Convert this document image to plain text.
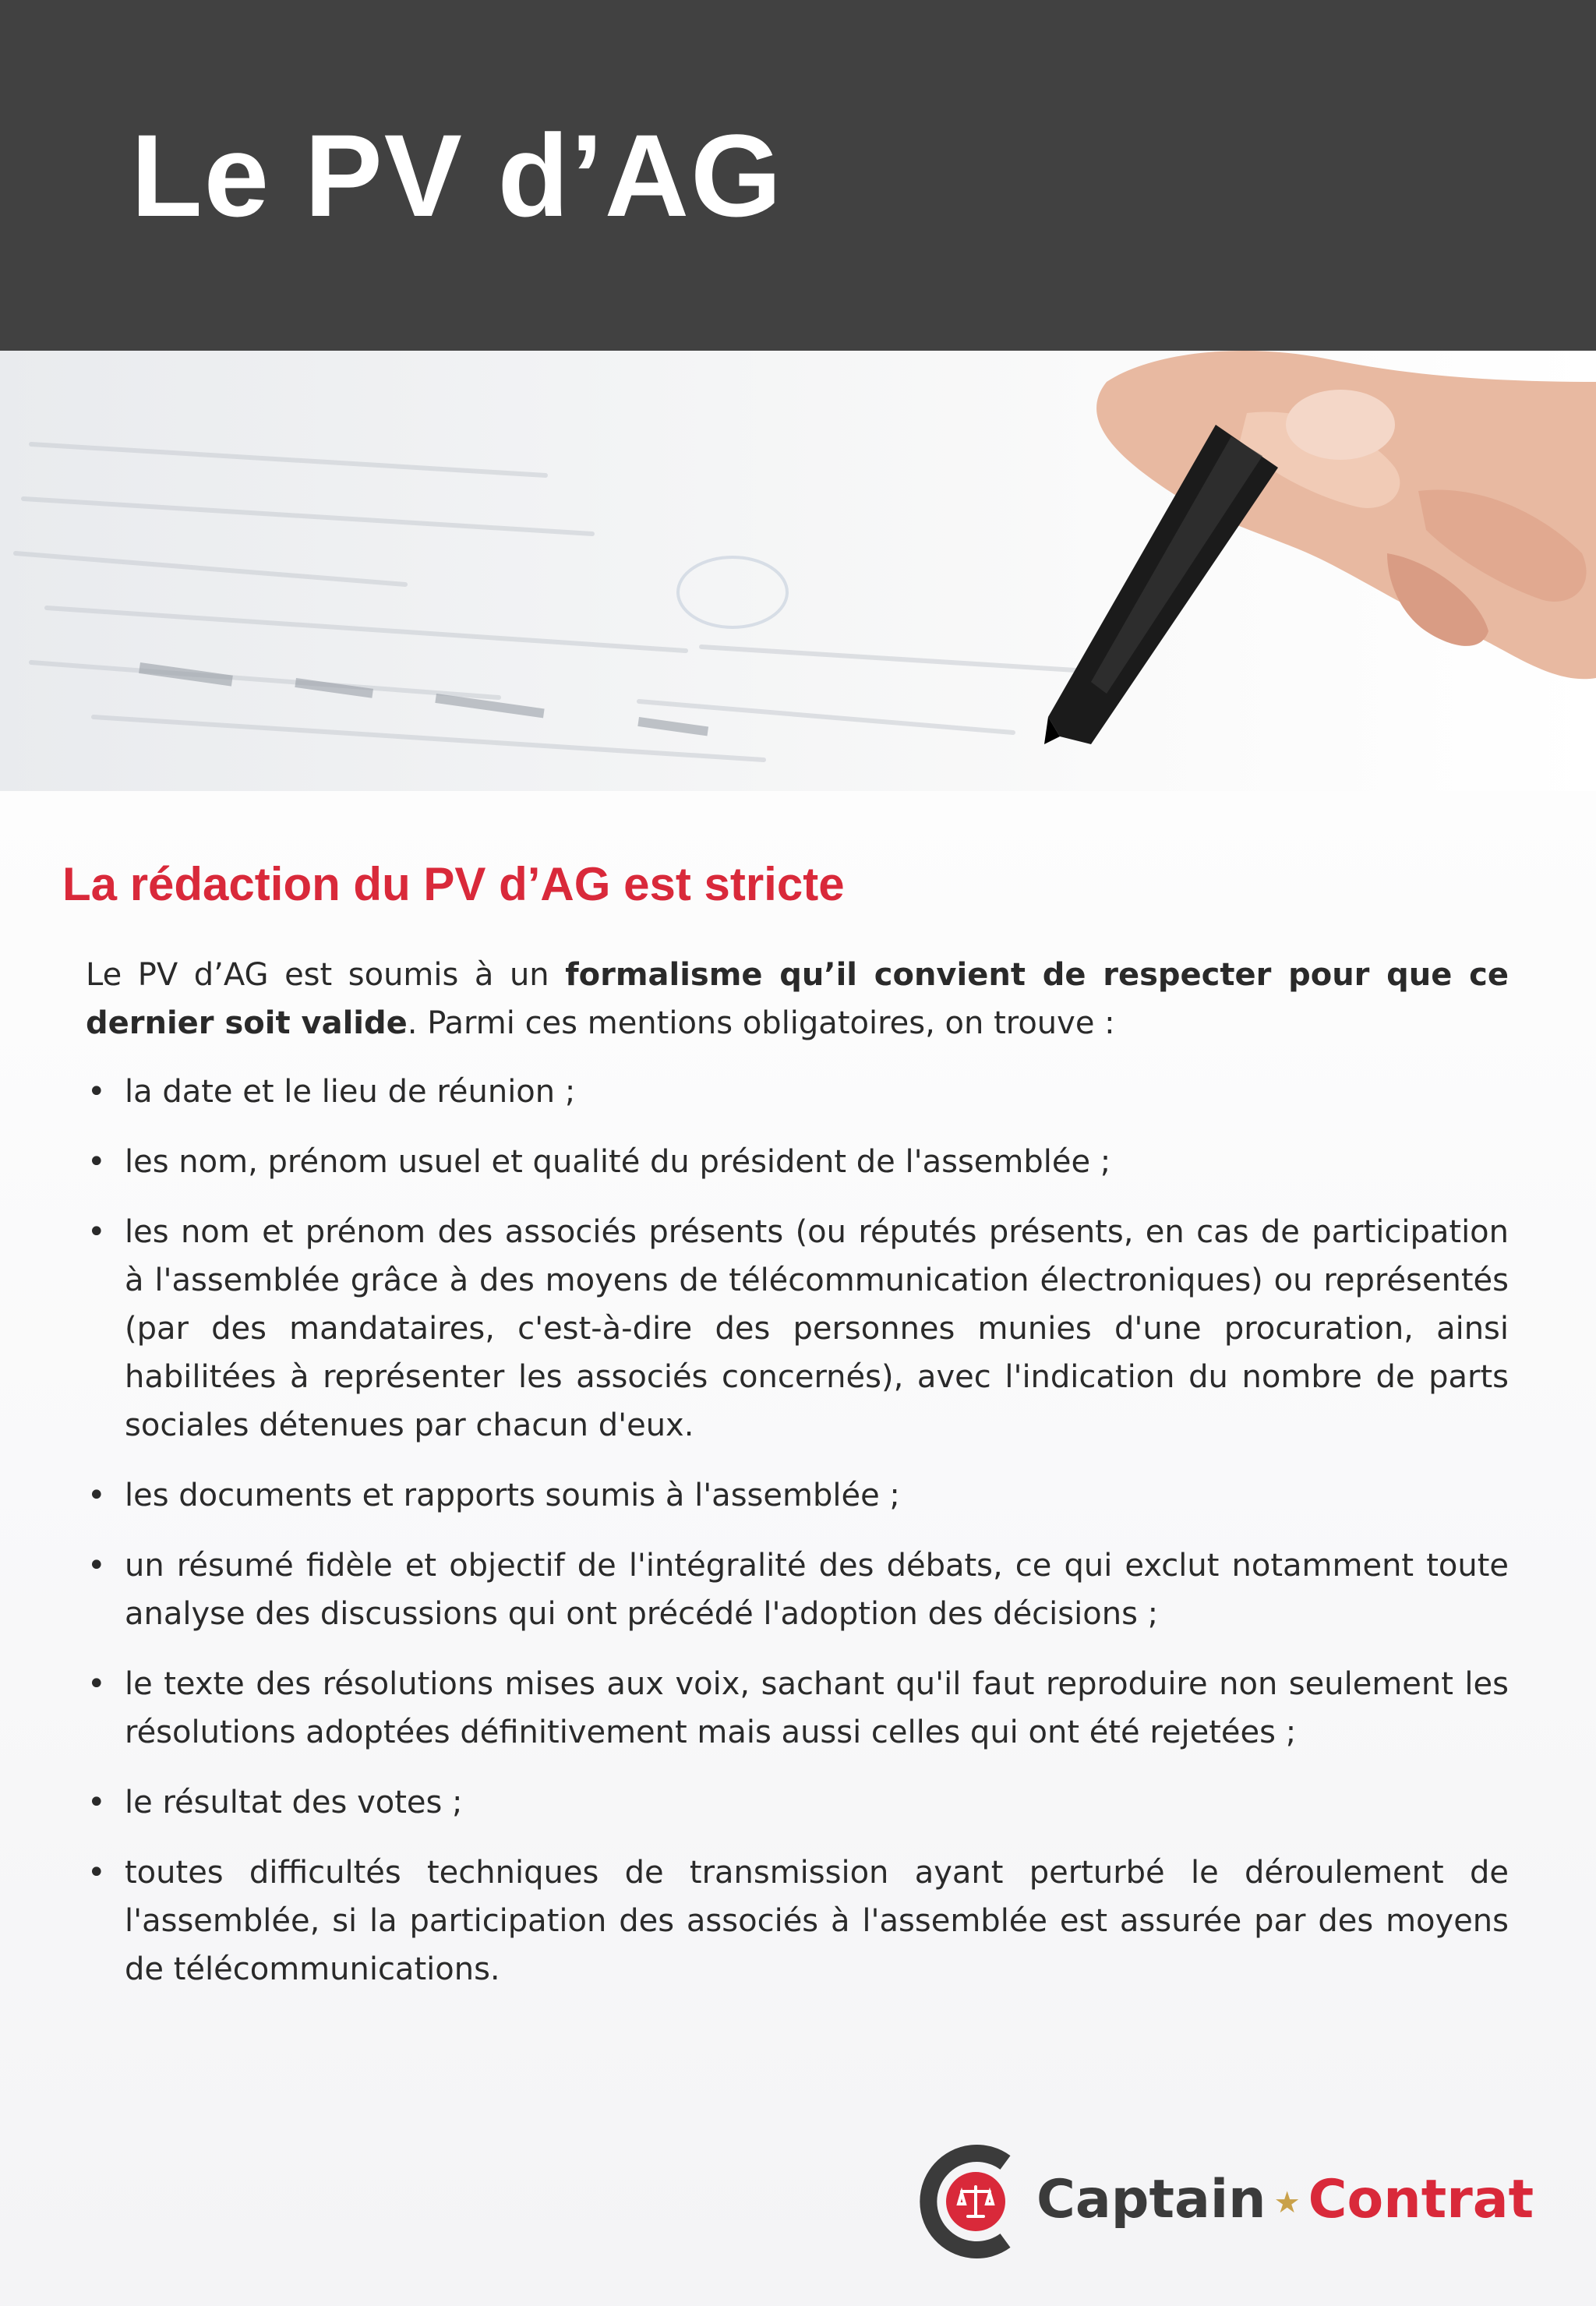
Le PV d’AG
La rédaction du PV d’AG est stricte

Le PV d’AG est soumis à un formalisme qu’il convient de respecter pour que ce dernier soit valide. Parmi ces mentions obligatoires, on trouve :

• la date et le lieu de réunion ;
• les nom, prénom usuel et qualité du président de l'assemblée ;
• les nom et prénom des associés présents (ou réputés présents, en cas de participation à l'assemblée grâce à des moyens de télécommunication électroniques) ou représentés (par des mandataires, c'est-à-dire des personnes munies d'une procuration, ainsi habilitées à représenter les associés concernés), avec l'indication du nombre de parts sociales détenues par chacun d'eux.
• les documents et rapports soumis à l'assemblée ;
• un résumé fidèle et objectif de l'intégralité des débats, ce qui exclut notamment toute analyse des discussions qui ont précédé l'adoption des décisions ;
• le texte des résolutions mises aux voix, sachant qu'il faut reproduire non seulement les résolutions adoptées définitivement mais aussi celles qui ont été rejetées ;
• le résultat des votes ;
• toutes difficultés techniques de transmission ayant perturbé le déroulement de l'assemblée, si la participation des associés à l'assemblée est assurée par des moyens de télécommunications.
Captain ★ Contrat
